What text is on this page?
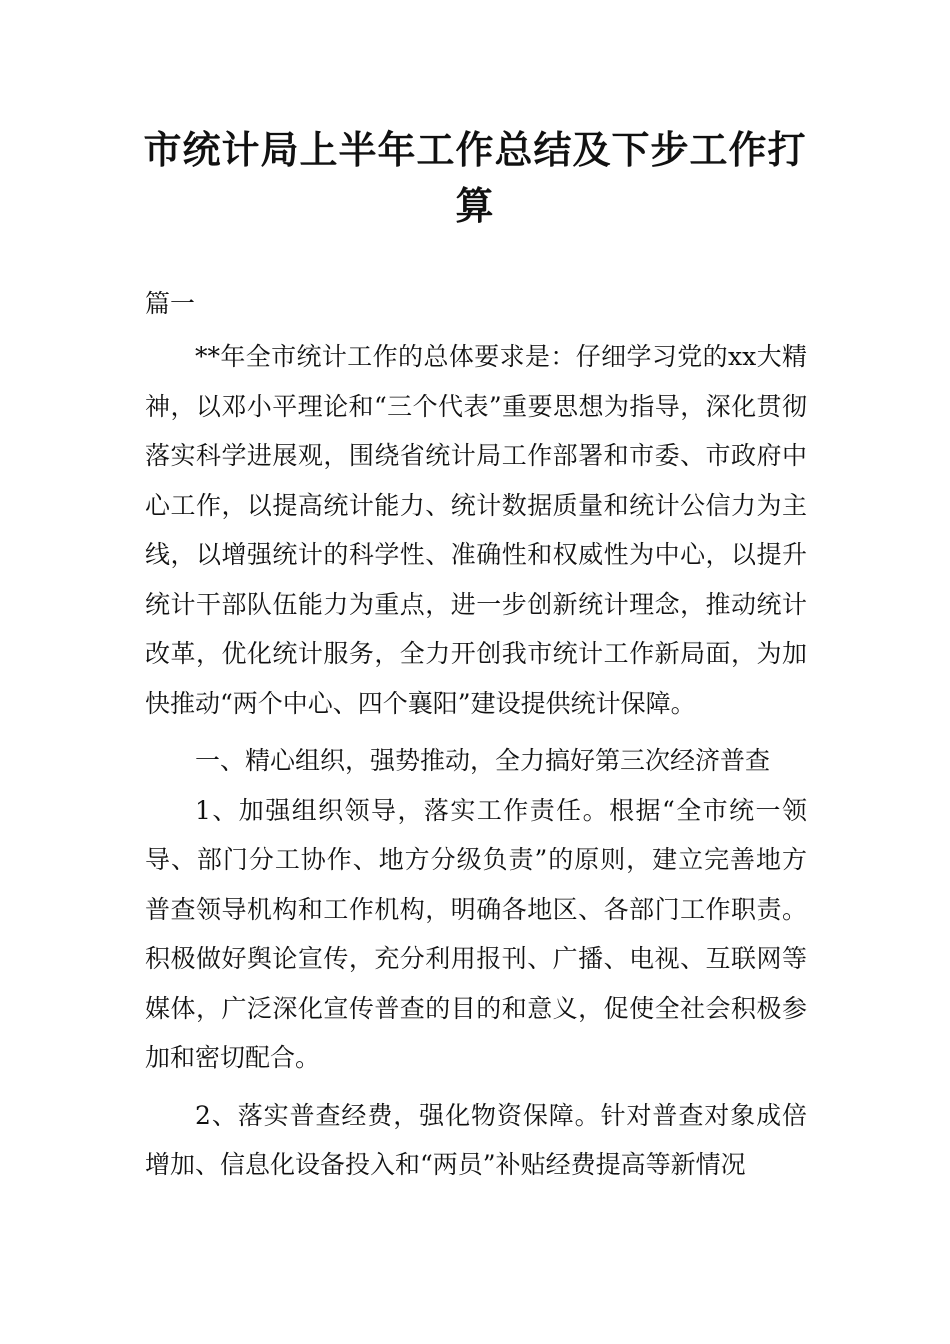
市统计局上半年工作总结及下步工作打算
篇一

**年全市统计工作的总体要求是：仔细学习党的xx大精神，以邓小平理论和“三个代表”重要思想为指导，深化贯彻落实科学进展观，围绕省统计局工作部署和市委、市政府中心工作，以提高统计能力、统计数据质量和统计公信力为主线，以增强统计的科学性、准确性和权威性为中心，以提升统计干部队伍能力为重点，进一步创新统计理念，推动统计改革，优化统计服务，全力开创我市统计工作新局面，为加快推动“两个中心、四个襄阳”建设提供统计保障。

一、精心组织，强势推动，全力搞好第三次经济普查

1、加强组织领导，落实工作责任。根据“全市统一领导、部门分工协作、地方分级负责”的原则，建立完善地方普查领导机构和工作机构，明确各地区、各部门工作职责。积极做好舆论宣传，充分利用报刊、广播、电视、互联网等媒体，广泛深化宣传普查的目的和意义，促使全社会积极参加和密切配合。

2、落实普查经费，强化物资保障。针对普查对象成倍增加、信息化设备投入和“两员”补贴经费提高等新情况
